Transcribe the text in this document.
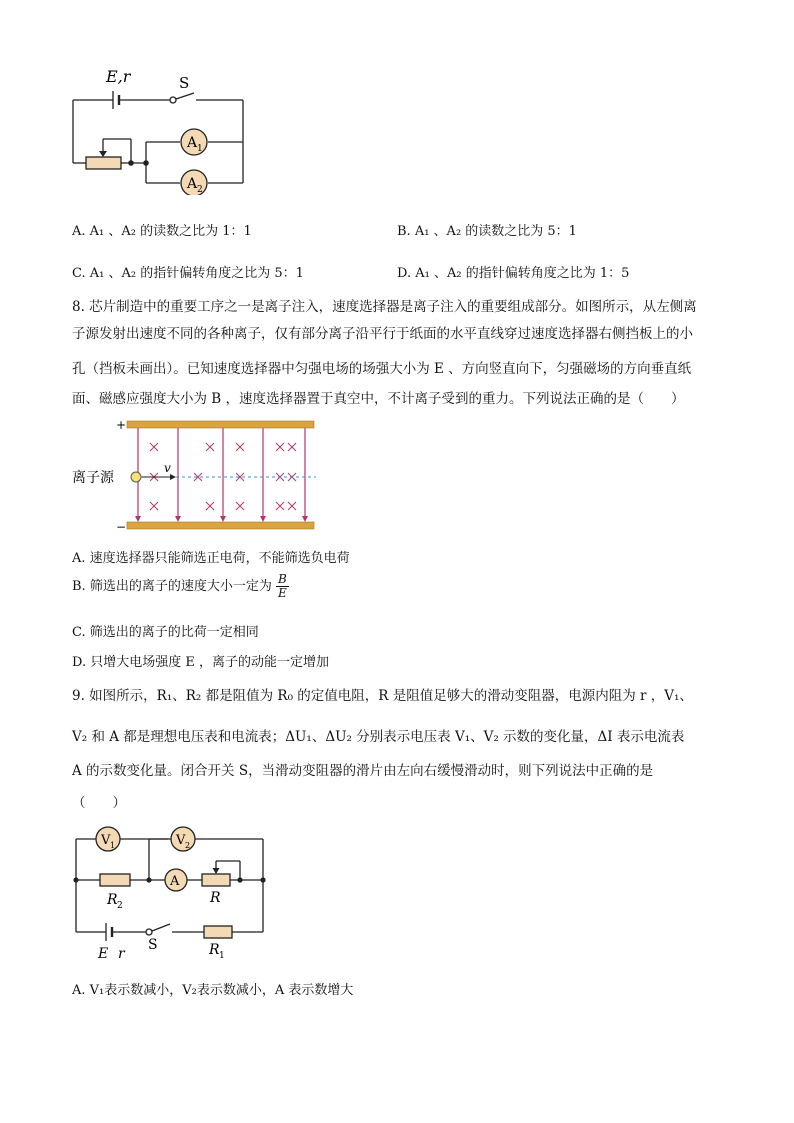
E,r	S
A 1
A 2
A. A₁ 、A₂ 的读数之比为 1：1	B. A₁ 、A₂ 的读数之比为 5：1
C. A₁ 、A₂ 的指针偏转角度之比为 5：1	D. A₁ 、A₂ 的指针偏转角度之比为 1：5
8. 芯片制造中的重要工序之一是离子注入，速度选择器是离子注入的重要组成部分。如图所示，从左侧离
子源发射出速度不同的各种离子，仅有部分离子沿平行于纸面的水平直线穿过速度选择器右侧挡板上的小
孔（挡板未画出）。已知速度选择器中匀强电场的场强大小为 E 、方向竖直向下，匀强磁场的方向垂直纸
面、磁感应强度大小为 B ，速度选择器置于真空中，不计离子受到的重力。下列说法正确的是（　　）
+
−
v
离子源
A. 速度选择器只能筛选正电荷，不能筛选负电荷
B. 筛选出的离子的速度大小一定为 $\frac{B}{E}$
C. 筛选出的离子的比荷一定相同
D. 只增大电场强度 E ，离子的动能一定增加
9. 如图所示，R₁、R₂ 都是阻值为 R₀ 的定值电阻，R 是阻值足够大的滑动变阻器，电源内阻为 r ，V₁、
V₂ 和 A 都是理想电压表和电流表；ΔU₁、ΔU₂ 分别表示电压表 V₁、V₂ 示数的变化量，ΔI 表示电流表
A 的示数变化量。闭合开关 S，当滑动变阻器的滑片由左向右缓慢滑动时，则下列说法中正确的是
（　　）
V 1	V 2
A
R 2	R
E r
S	R 1
A. V₁表示数减小，V₂表示数减小，A 表示数增大
